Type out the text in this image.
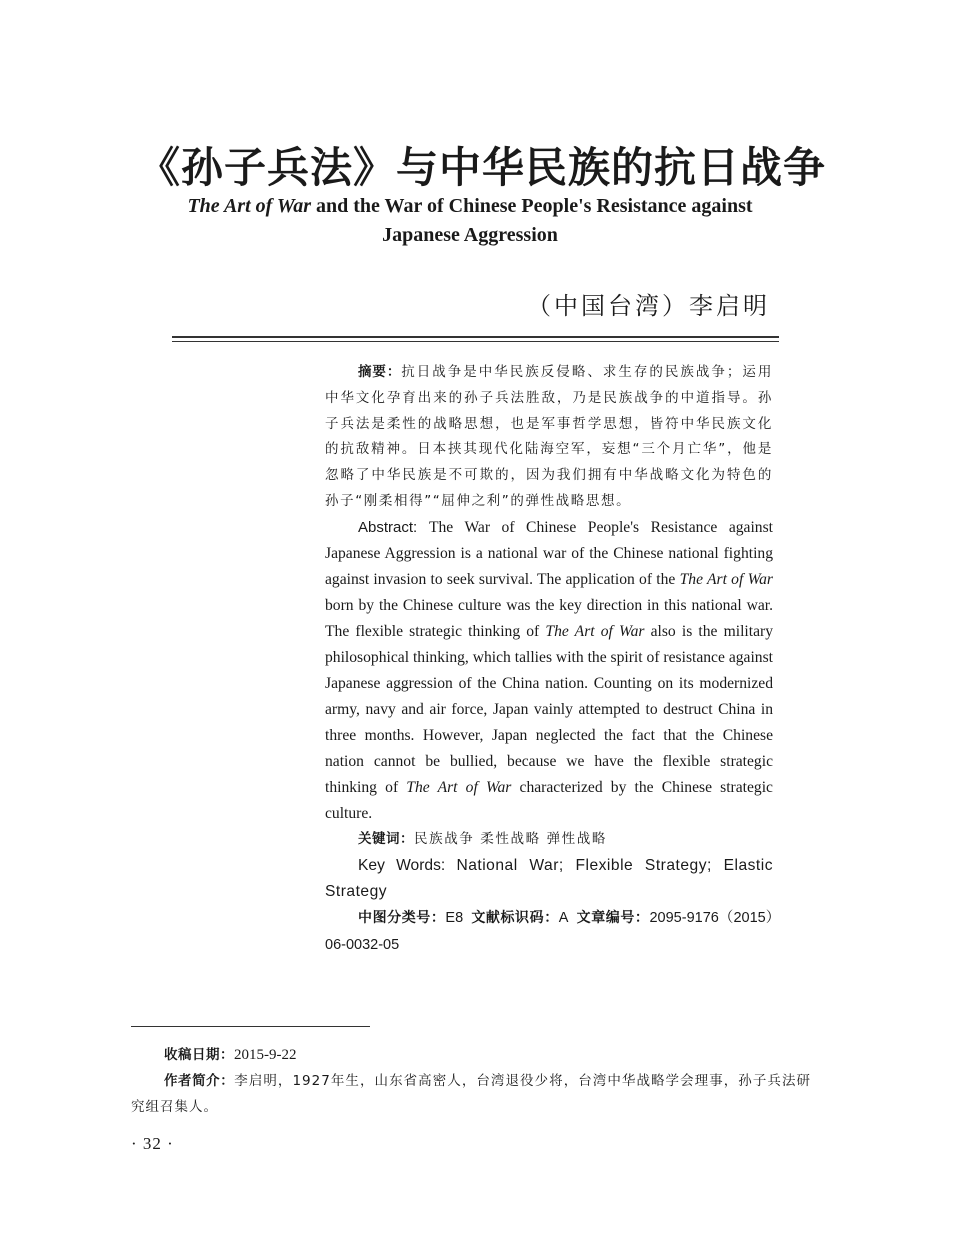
《孙子兵法》与中华民族的抗日战争
The Art of War and the War of Chinese People's Resistance against
Japanese Aggression
（中国台湾）李启明

摘要：抗日战争是中华民族反侵略、求生存的民族战争；运用中华文化孕育出来的孙子兵法胜敌，乃是民族战争的中道指导。孙子兵法是柔性的战略思想，也是军事哲学思想，皆符中华民族文化的抗敌精神。日本挟其现代化陆海空军，妄想“三个月亡华”，他是忽略了中华民族是不可欺的，因为我们拥有中华战略文化为特色的孙子“刚柔相得”“屈伸之利”的弹性战略思想。

Abstract: The War of Chinese People's Resistance against Japanese Aggression is a national war of the Chinese national fighting against invasion to seek survival. The application of the The Art of War born by the Chinese culture was the key direction in this national war. The flexible strategic thinking of The Art of War also is the military philosophical thinking, which tallies with the spirit of resistance against Japanese aggression of the China nation. Counting on its modernized army, navy and air force, Japan vainly attempted to destruct China in three months. However, Japan neglected the fact that the Chinese nation cannot be bullied, because we have the flexible strategic thinking of The Art of War characterized by the Chinese strategic culture.

关键词：民族战争 柔性战略 弹性战略

Key Words: National War; Flexible Strategy; Elastic Strategy

中图分类号：E8 文献标识码：A 文章编号：2095-9176（2015）06-0032-05

收稿日期：2015-9-22

作者简介：李启明，1927年生，山东省高密人，台湾退役少将，台湾中华战略学会理事，孙子兵法研究组召集人。

· 32 ·
